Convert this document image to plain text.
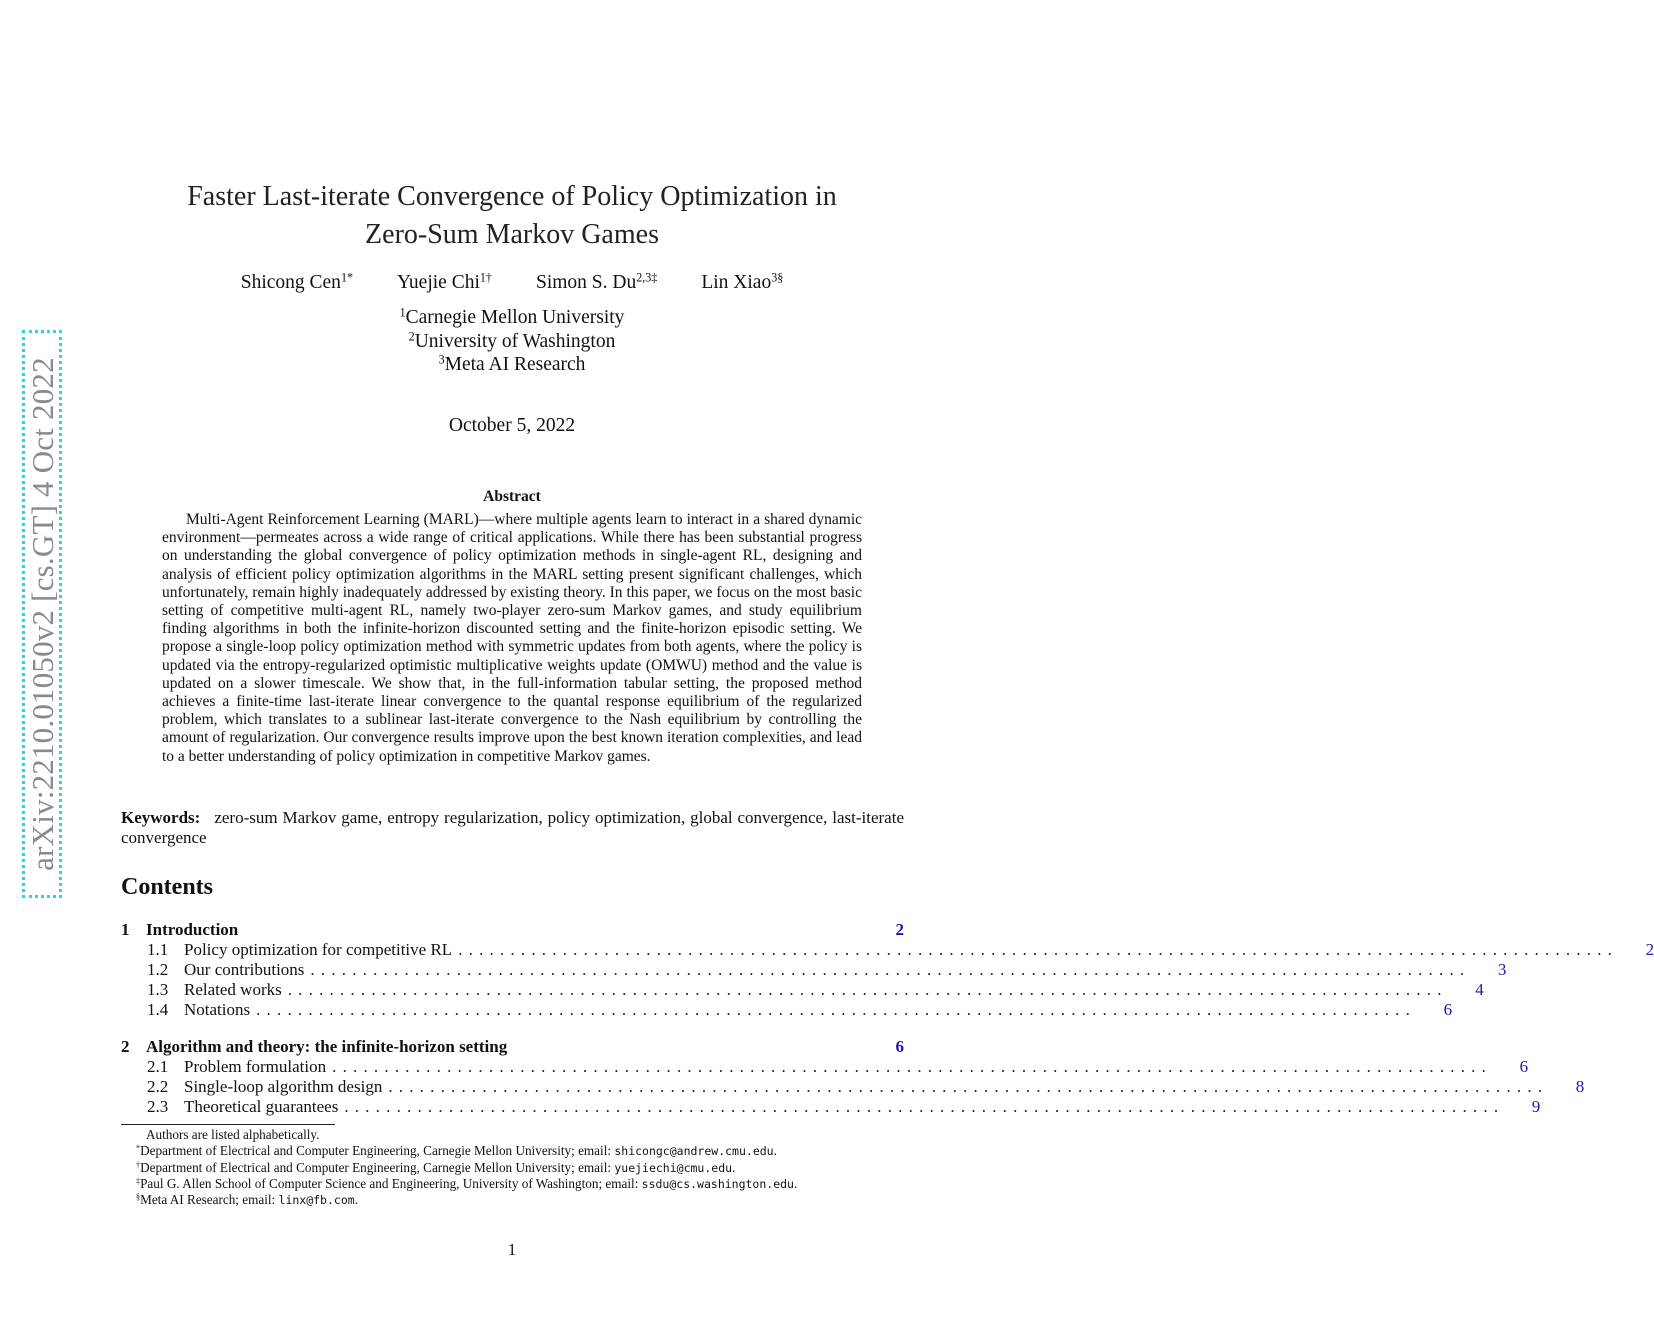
arXiv:2210.01050v2 [cs.GT] 4 Oct 2022
Faster Last-iterate Convergence of Policy Optimization in
Zero-Sum Markov Games
Shicong Cen$^{1*}$ Yuejie Chi$^{1\dagger}$ Simon S. $Du^{2,3\ddagger}$ Lin Xiao$^{3\S}$
$^1$Carnegie Mellon University
$^2$University of Washington
$^3$Meta AI Research
October 5, 2022
Abstract
Multi-Agent Reinforcement Learning (MARL)—where multiple agents learn to interact in a shared dynamic environment—permeates across a wide range of critical applications. While there has been substantial progress on understanding the global convergence of policy optimization methods in single-agent RL, designing and analysis of efficient policy optimization algorithms in the MARL setting present significant challenges, which unfortunately, remain highly inadequately addressed by existing theory. In this paper, we focus on the most basic setting of competitive multi-agent RL, namely two-player zero-sum Markov games, and study equilibrium finding algorithms in both the infinite-horizon discounted setting and the finite-horizon episodic setting. We propose a single-loop policy optimization method with symmetric updates from both agents, where the policy is updated via the entropy-regularized optimistic multiplicative weights update (OMWU) method and the value is updated on a slower timescale. We show that, in the full-information tabular setting, the proposed method achieves a finite-time last-iterate linear convergence to the quantal response equilibrium of the regularized problem, which translates to a sublinear last-iterate convergence to the Nash equilibrium by controlling the amount of regularization. Our convergence results improve upon the best known iteration complexities, and lead to a better understanding of policy optimization in competitive Markov games.
Keywords: zero-sum Markov game, entropy regularization, policy optimization, global convergence, last-iterate convergence
Contents
1 Introduction	2
1.1 Policy optimization for competitive RL ...............................................................................................................	2
1.2 Our contributions ...............................................................................................................	3
1.3 Related works ...............................................................................................................	4
1.4 Notations ...............................................................................................................	6
2 Algorithm and theory: the infinite-horizon setting	6
2.1 Problem formulation ...............................................................................................................	6
2.2 Single-loop algorithm design ...............................................................................................................	8
2.3 Theoretical guarantees ...............................................................................................................	9
Authors are listed alphabetically.
*Department of Electrical and Computer Engineering, Carnegie Mellon University; email: shicongc@andrew.cmu.edu.
†Department of Electrical and Computer Engineering, Carnegie Mellon University; email: yuejiechi@cmu.edu.
‡Paul G. Allen School of Computer Science and Engineering, University of Washington; email: ssdu@cs.washington.edu.
§Meta AI Research; email: linx@fb.com.
1
